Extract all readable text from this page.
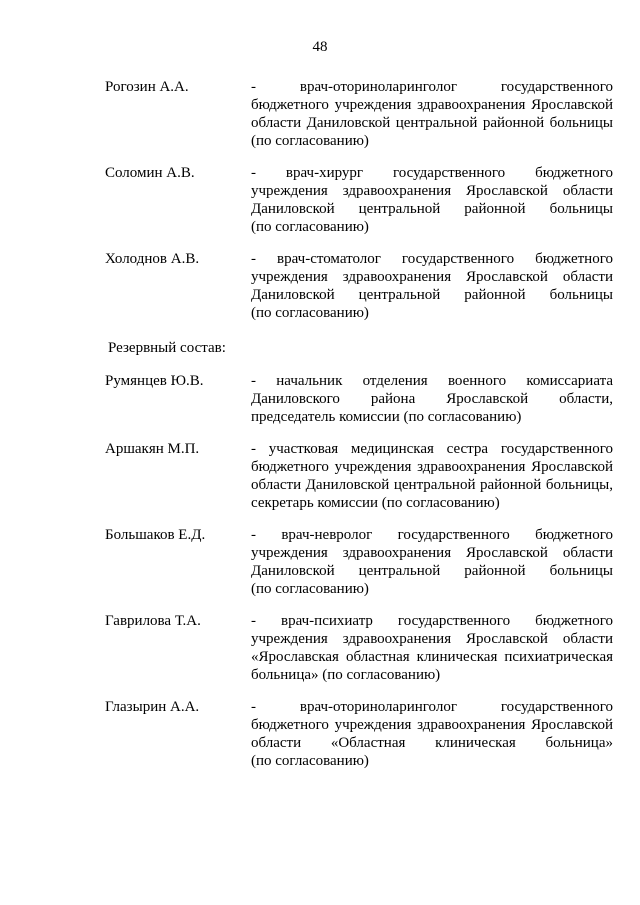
48
Рогозин А.А.	- врач-оториноларинголог государственного
бюджетного учреждения здравоохранения Ярославской
области Даниловской центральной районной больницы
(по согласованию)
Соломин А.В.	- врач-хирург государственного бюджетного
учреждения здравоохранения Ярославской области
Даниловской центральной районной больницы
(по согласованию)
Холоднов А.В.	- врач-стоматолог государственного бюджетного
учреждения здравоохранения Ярославской области
Даниловской центральной районной больницы
(по согласованию)
Резервный состав:
Румянцев Ю.В.	- начальник отделения военного комиссариата
Даниловского района Ярославской области,
председатель комиссии (по согласованию)
Аршакян М.П.	- участковая медицинская сестра государственного
бюджетного учреждения здравоохранения Ярославской
области Даниловской центральной районной больницы,
секретарь комиссии (по согласованию)
Большаков Е.Д.	- врач-невролог государственного бюджетного
учреждения здравоохранения Ярославской области
Даниловской центральной районной больницы
(по согласованию)
Гаврилова Т.А.	- врач-психиатр государственного бюджетного
учреждения здравоохранения Ярославской области
«Ярославская областная клиническая психиатрическая
больница» (по согласованию)
Глазырин А.А.	- врач-оториноларинголог государственного
бюджетного учреждения здравоохранения Ярославской
области «Областная клиническая больница»
(по согласованию)
